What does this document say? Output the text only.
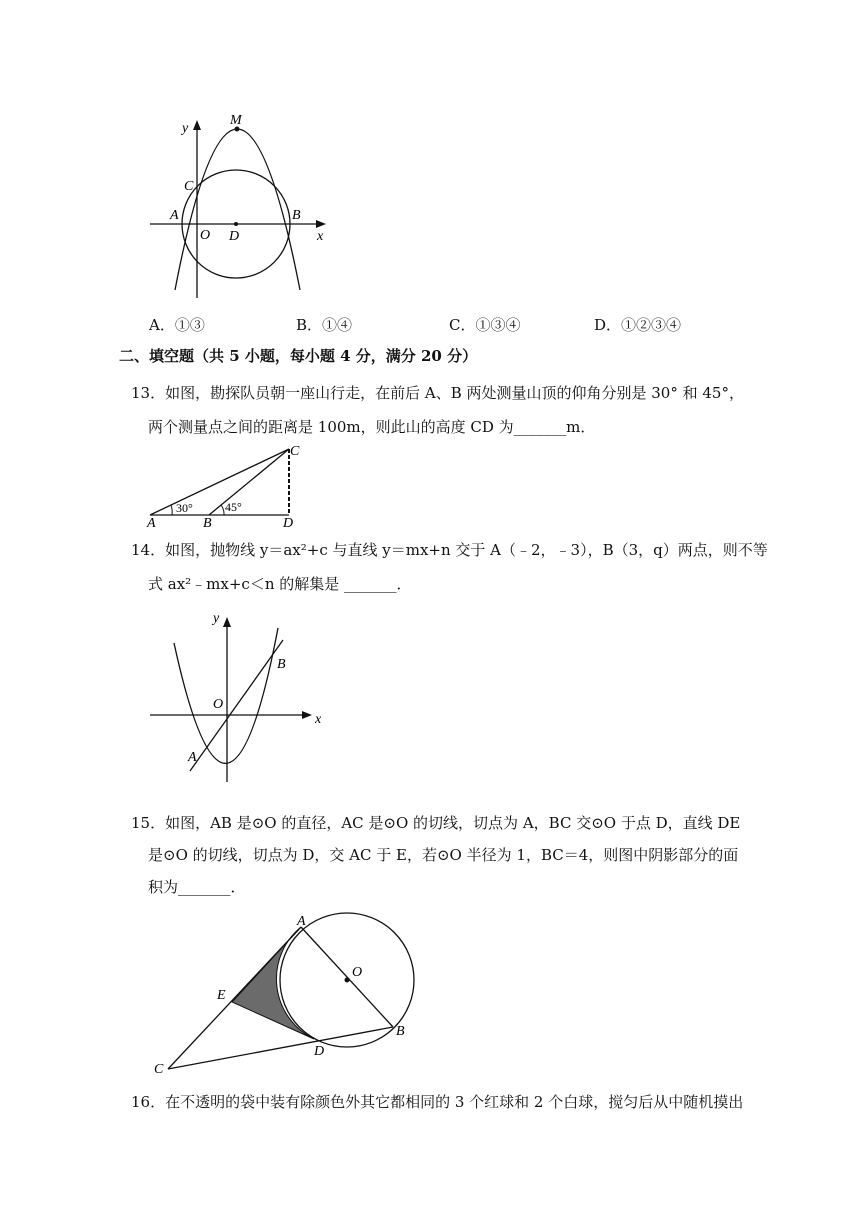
y
M
C
A
O D
B
x
A．①③	B．①④	C．①③④	D．①②③④
二、填空题（共 5 小题，每小题 4 分，满分 20 分）
13．如图，勘探队员朝一座山行走，在前后 A、B 两处测量山顶的仰角分别是 30° 和 45°，
两个测量点之间的距离是 100m，则此山的高度 CD 为_______m．
C
A	B	D
30°	45°
14．如图，抛物线 y＝ax²+c 与直线 y＝mx+n 交于 A（﹣2，﹣3），B（3，q）两点，则不等
式 ax²﹣mx+c＜n 的解集是 _______．
y
B
O
x
A
15．如图，AB 是⊙O 的直径，AC 是⊙O 的切线，切点为 A，BC 交⊙O 于点 D，直线 DE
是⊙O 的切线，切点为 D，交 AC 于 E，若⊙O 半径为 1，BC＝4，则图中阴影部分的面
积为_______．
A
O
E
B
C
D
16．在不透明的袋中装有除颜色外其它都相同的 3 个红球和 2 个白球，搅匀后从中随机摸出
